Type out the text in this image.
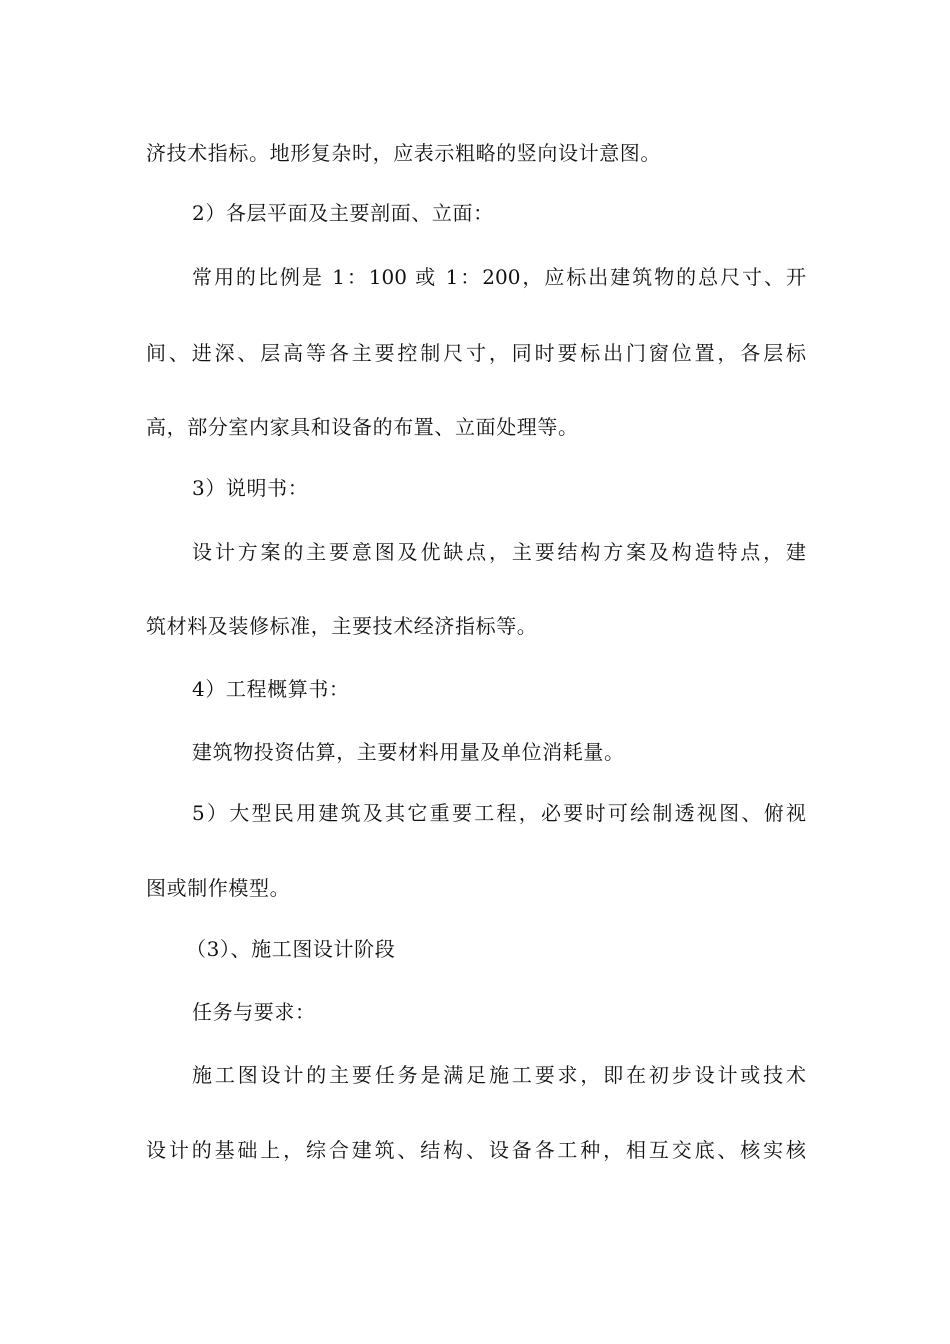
济技术指标。地形复杂时，应表示粗略的竖向设计意图。
2）各层平面及主要剖面、立面：
常用的比例是 1：100 或 1：200，应标出建筑物的总尺寸、开
间、进深、层高等各主要控制尺寸，同时要标出门窗位置，各层标
高，部分室内家具和设备的布置、立面处理等。
3）说明书：
设计方案的主要意图及优缺点，主要结构方案及构造特点，建
筑材料及装修标准，主要技术经济指标等。
4）工程概算书：
建筑物投资估算，主要材料用量及单位消耗量。
5）大型民用建筑及其它重要工程，必要时可绘制透视图、俯视
图或制作模型。
（3）、施工图设计阶段
任务与要求：
施工图设计的主要任务是满足施工要求，即在初步设计或技术
设计的基础上，综合建筑、结构、设备各工种，相互交底、核实核
